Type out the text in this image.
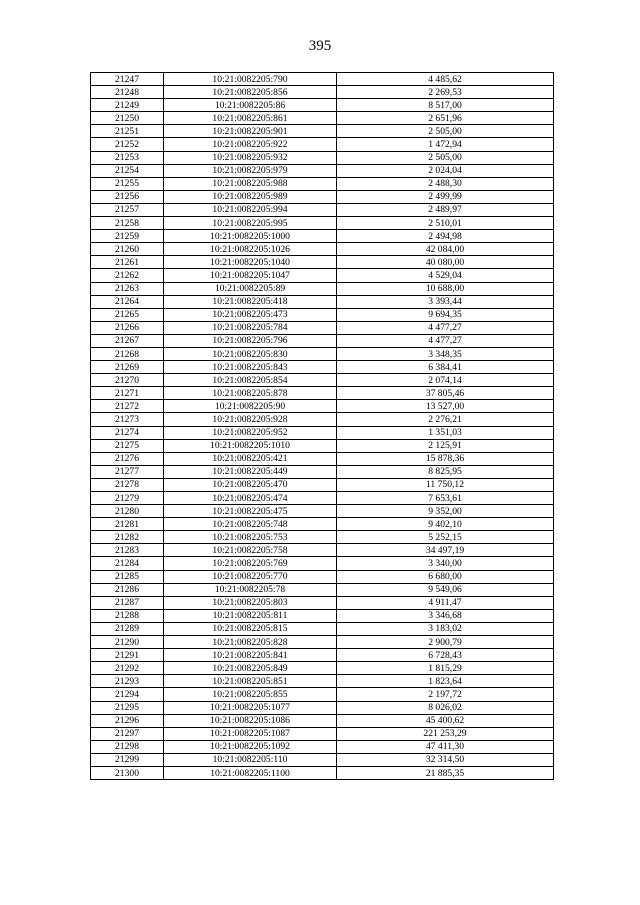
395
21247	10:21:0082205:790	4 485,62
21248	10:21:0082205:856	2 269,53
21249	10:21:0082205:86	8 517,00
21250	10:21:0082205:861	2 651,96
21251	10:21:0082205:901	2 505,00
21252	10:21:0082205:922	1 472,94
21253	10:21:0082205:932	2 505,00
21254	10:21:0082205:979	2 024,04
21255	10:21:0082205:988	2 488,30
21256	10:21:0082205:989	2 499,99
21257	10:21:0082205:994	2 489,97
21258	10:21:0082205:995	2 510,01
21259	10:21:0082205:1000	2 494,98
21260	10:21:0082205:1026	42 084,00
21261	10:21:0082205:1040	40 080,00
21262	10:21:0082205:1047	4 529,04
21263	10:21:0082205:89	10 688,00
21264	10:21:0082205:418	3 393,44
21265	10:21:0082205:473	9 694,35
21266	10:21:0082205:784	4 477,27
21267	10:21:0082205:796	4 477,27
21268	10:21:0082205:830	3 348,35
21269	10:21:0082205:843	6 384,41
21270	10:21:0082205:854	2 074,14
21271	10:21:0082205:878	37 805,46
21272	10:21:0082205:90	13 527,00
21273	10:21:0082205:928	2 276,21
21274	10:21:0082205:952	1 351,03
21275	10:21:0082205:1010	2 125,91
21276	10:21:0082205:421	15 878,36
21277	10:21:0082205:449	8 825,95
21278	10:21:0082205:470	11 750,12
21279	10:21:0082205:474	7 653,61
21280	10:21:0082205:475	9 352,00
21281	10:21:0082205:748	9 402,10
21282	10:21:0082205:753	5 252,15
21283	10:21:0082205:758	34 497,19
21284	10:21:0082205:769	3 340,00
21285	10:21:0082205:770	6 680,00
21286	10:21:0082205:78	9 549,06
21287	10:21:0082205:803	4 911,47
21288	10:21:0082205:811	3 346,68
21289	10:21:0082205:815	3 183,02
21290	10:21:0082205:828	2 900,79
21291	10:21:0082205:841	6 728,43
21292	10:21:0082205:849	1 815,29
21293	10:21:0082205:851	1 823,64
21294	10:21:0082205:855	2 197,72
21295	10:21:0082205:1077	8 026,02
21296	10:21:0082205:1086	45 400,62
21297	10:21:0082205:1087	221 253,29
21298	10:21:0082205:1092	47 411,30
21299	10:21:0082205:110	32 314,50
21300	10:21:0082205:1100	21 885,35
